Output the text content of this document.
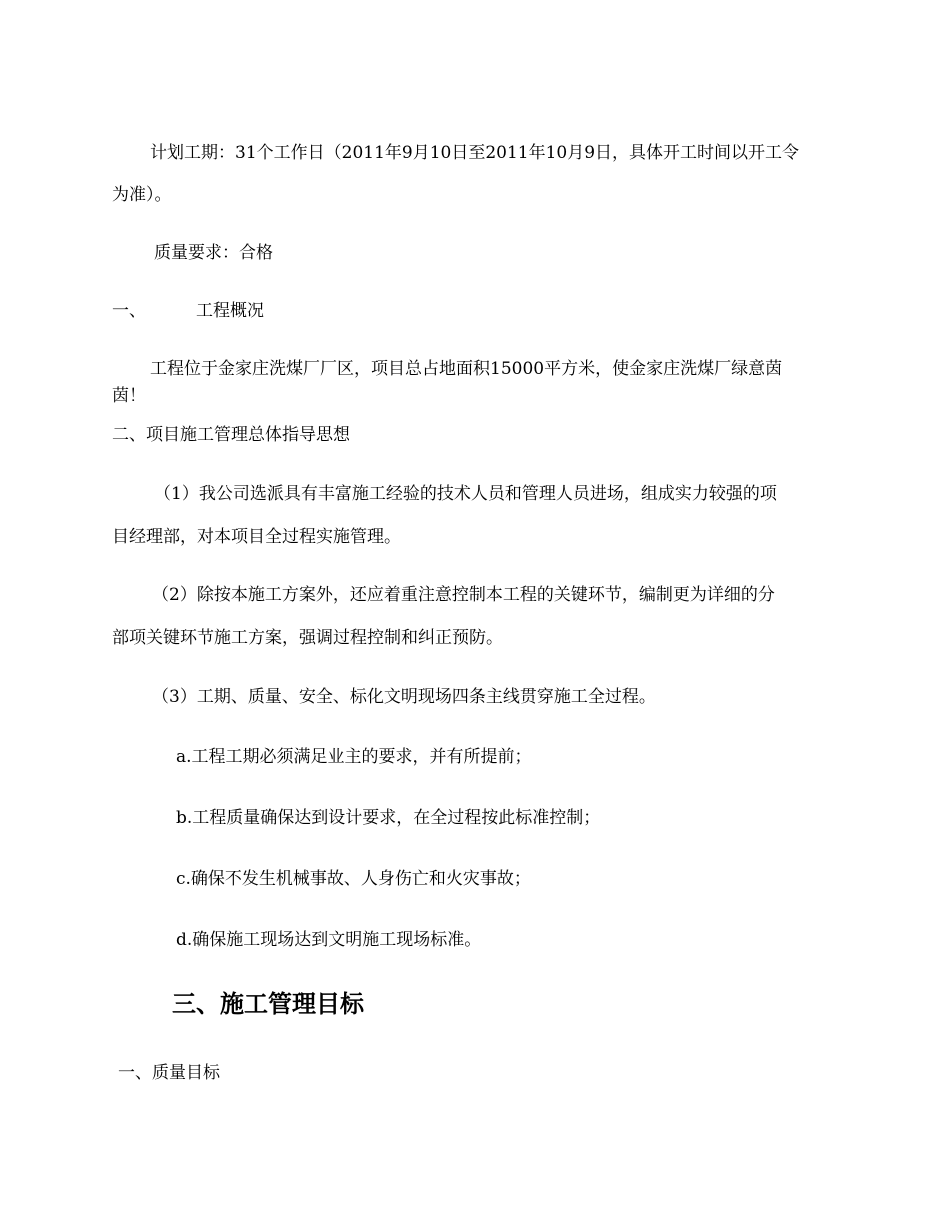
计划工期：31个工作日（2011年9月10日至2011年10月9日，具体开工时间以开工令
为准）。
质量要求：合格
一、	工程概况
工程位于金家庄洗煤厂厂区，项目总占地面积15000平方米，使金家庄洗煤厂绿意茵
茵！
二、项目施工管理总体指导思想
（1）我公司选派具有丰富施工经验的技术人员和管理人员进场，组成实力较强的项
目经理部，对本项目全过程实施管理。
（2）除按本施工方案外，还应着重注意控制本工程的关键环节，编制更为详细的分
部项关键环节施工方案，强调过程控制和纠正预防。
（3）工期、质量、安全、标化文明现场四条主线贯穿施工全过程。
a.工程工期必须满足业主的要求，并有所提前；
b.工程质量确保达到设计要求，在全过程按此标准控制；
c.确保不发生机械事故、人身伤亡和火灾事故；
d.确保施工现场达到文明施工现场标准。
三、施工管理目标
一、质量目标
